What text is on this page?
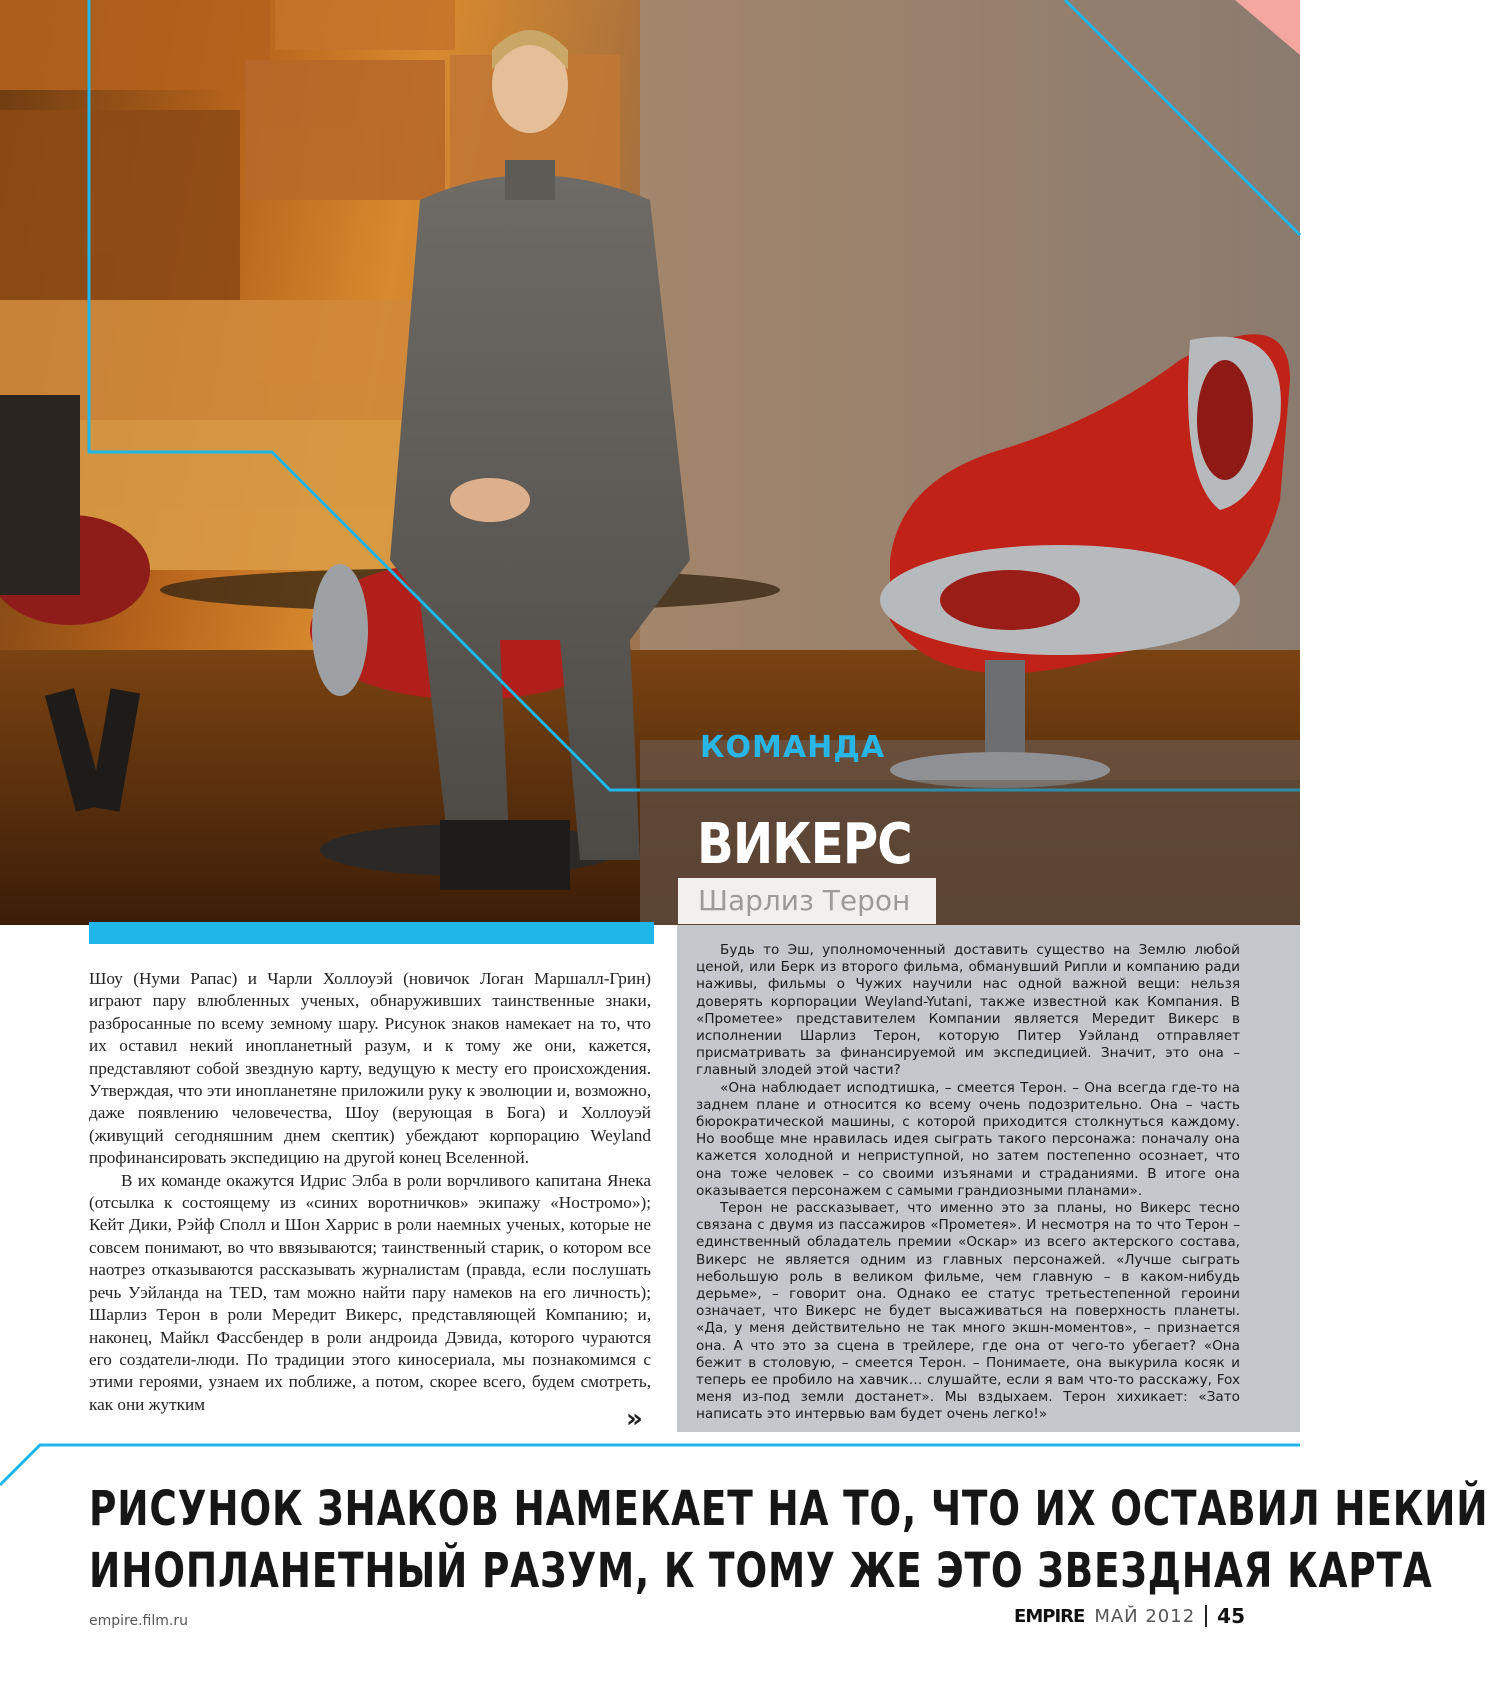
КОМАНДА
ВИКЕРС
Шарлиз Терон

Шоу (Нуми Рапас) и Чарли Холлоуэй (новичок Логан Маршалл-Грин) играют пару влюбленных ученых, обнаруживших таинственные знаки, разбросанные по всему земному шару. Рисунок знаков намекает на то, что их оставил некий инопланетный разум, и к тому же они, кажется, представляют собой звездную карту, ведущую к месту его происхождения. Утверждая, что эти инопланетяне приложили руку к эволюции и, возможно, даже появлению человечества, Шоу (верующая в Бога) и Холлоуэй (живущий сегодняшним днем скептик) убеждают корпорацию Weyland профинансировать экспедицию на другой конец Вселенной.

В их команде окажутся Идрис Элба в роли ворчливого капитана Янека (отсылка к состоящему из «синих воротничков» экипажу «Ностромо»); Кейт Дики, Рэйф Сполл и Шон Харрис в роли наемных ученых, которые не совсем понимают, во что ввязываются; таинственный старик, о котором все наотрез отказываются рассказывать журналистам (правда, если послушать речь Уэйланда на TED, там можно найти пару намеков на его личность); Шарлиз Терон в роли Мередит Викерс, представляющей Компанию; и, наконец, Майкл Фассбендер в роли андроида Дэвида, которого чураются его создатели-люди. По традиции этого киносериала, мы познакомимся с этими героями, узнаем их поближе, а потом, скорее всего, будем смотреть, как они жутким	»

Будь то Эш, уполномоченный доставить существо на Землю любой ценой, или Берк из второго фильма, обманувший Рипли и компанию ради наживы, фильмы о Чужих научили нас одной важной вещи: нельзя доверять корпорации Weyland-Yutani, также известной как Компания. В «Прометее» представителем Компании является Мередит Викерс в исполнении Шарлиз Терон, которую Питер Уэйланд отправляет присматривать за финансируемой им экспедицией. Значит, это она – главный злодей этой части?

«Она наблюдает исподтишка, – смеется Терон. – Она всегда где-то на заднем плане и относится ко всему очень подозрительно. Она – часть бюрократической машины, с которой приходится столкнуться каждому. Но вообще мне нравилась идея сыграть такого персонажа: поначалу она кажется холодной и неприступной, но затем постепенно осознает, что она тоже человек – со своими изъянами и страданиями. В итоге она оказывается персонажем с самыми грандиозными планами».

Терон не рассказывает, что именно это за планы, но Викерс тесно связана с двумя из пассажиров «Прометея». И несмотря на то что Терон – единственный обладатель премии «Оскар» из всего актерского состава, Викерс не является одним из главных персонажей. «Лучше сыграть небольшую роль в великом фильме, чем главную – в каком-нибудь дерьме», – говорит она. Однако ее статус третьестепенной героини означает, что Викерс не будет высаживаться на поверхность планеты. «Да, у меня действительно не так много экшн-моментов», – признается она. А что это за сцена в трейлере, где она от чего-то убегает? «Она бежит в столовую, – смеется Терон. – Понимаете, она выкурила косяк и теперь ее пробило на хавчик… слушайте, если я вам что-то расскажу, Fox меня из-под земли достанет». Мы вздыхаем. Терон хихикает: «Зато написать это интервью вам будет очень легко!»

РИСУНОК ЗНАКОВ НАМЕКАЕТ НА ТО, ЧТО ИХ ОСТАВИЛ НЕКИЙ
ИНОПЛАНЕТНЫЙ РАЗУМ, К ТОМУ ЖЕ ЭТО ЗВЕЗДНАЯ КАРТА
empire.film.ru	EMPIRE МАЙ 2012 45
